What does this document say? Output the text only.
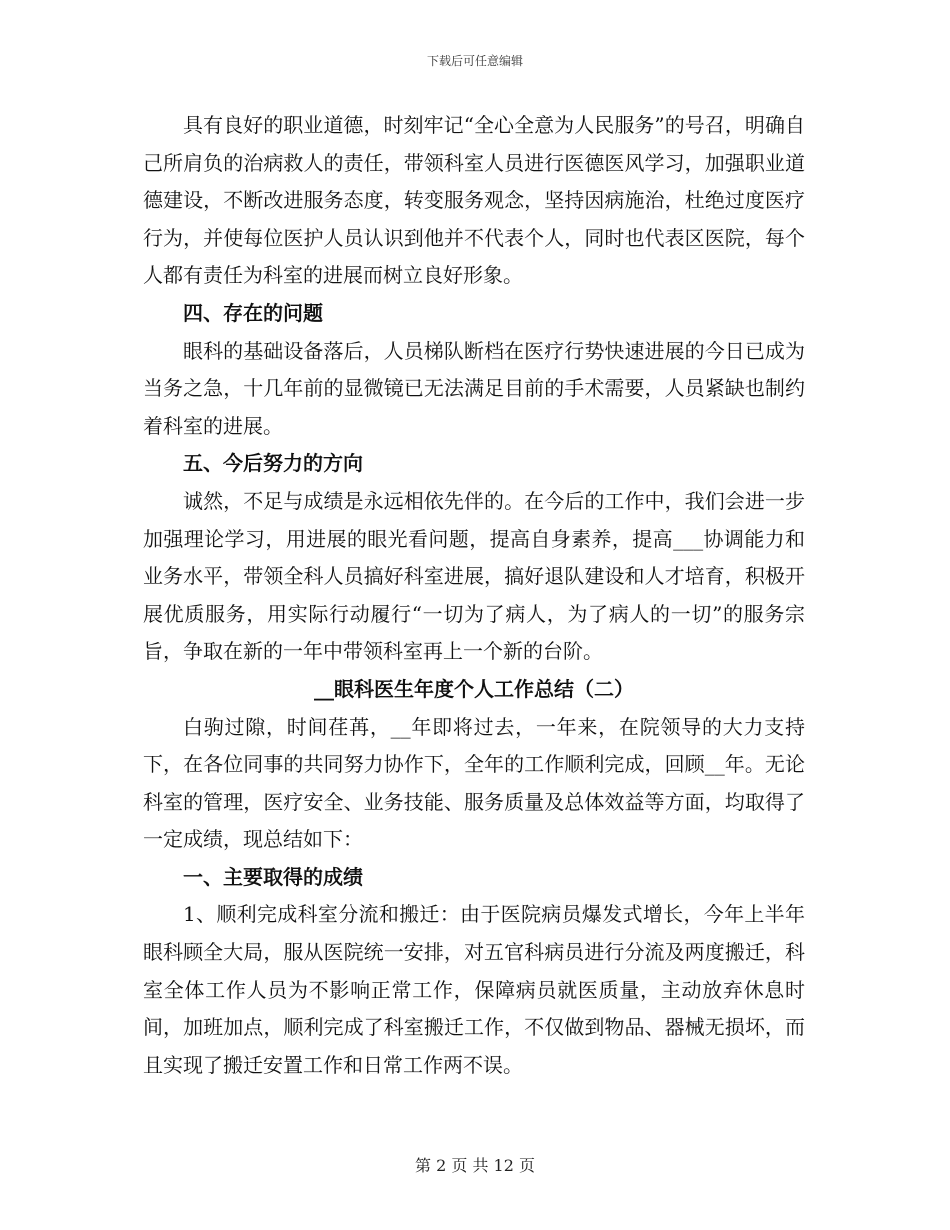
下载后可任意编辑

具有良好的职业道德，时刻牢记“全心全意为人民服务”的号召，明确自己所肩负的治病救人的责任，带领科室人员进行医德医风学习，加强职业道德建设，不断改进服务态度，转变服务观念，坚持因病施治，杜绝过度医疗行为，并使每位医护人员认识到他并不代表个人，同时也代表区医院，每个人都有责任为科室的进展而树立良好形象。

四、存在的问题

眼科的基础设备落后，人员梯队断档在医疗行势快速进展的今日已成为当务之急，十几年前的显微镜已无法满足目前的手术需要，人员紧缺也制约着科室的进展。

五、今后努力的方向

诚然，不足与成绩是永远相依先伴的。在今后的工作中，我们会进一步加强理论学习，用进展的眼光看问题，提高自身素养，提高___协调能力和业务水平，带领全科人员搞好科室进展，搞好退队建设和人才培育，积极开展优质服务，用实际行动履行“一切为了病人，为了病人的一切”的服务宗旨，争取在新的一年中带领科室再上一个新的台阶。

__眼科医生年度个人工作总结（二）

白驹过隙，时间荏苒，__年即将过去，一年来，在院领导的大力支持下，在各位同事的共同努力协作下，全年的工作顺利完成，回顾__年。无论科室的管理，医疗安全、业务技能、服务质量及总体效益等方面，均取得了一定成绩，现总结如下：

一、主要取得的成绩

1、顺利完成科室分流和搬迁：由于医院病员爆发式增长，今年上半年眼科顾全大局，服从医院统一安排，对五官科病员进行分流及两度搬迁，科室全体工作人员为不影响正常工作，保障病员就医质量，主动放弃休息时间，加班加点，顺利完成了科室搬迁工作，不仅做到物品、器械无损坏，而且实现了搬迁安置工作和日常工作两不误。

第 2 页 共 12 页
